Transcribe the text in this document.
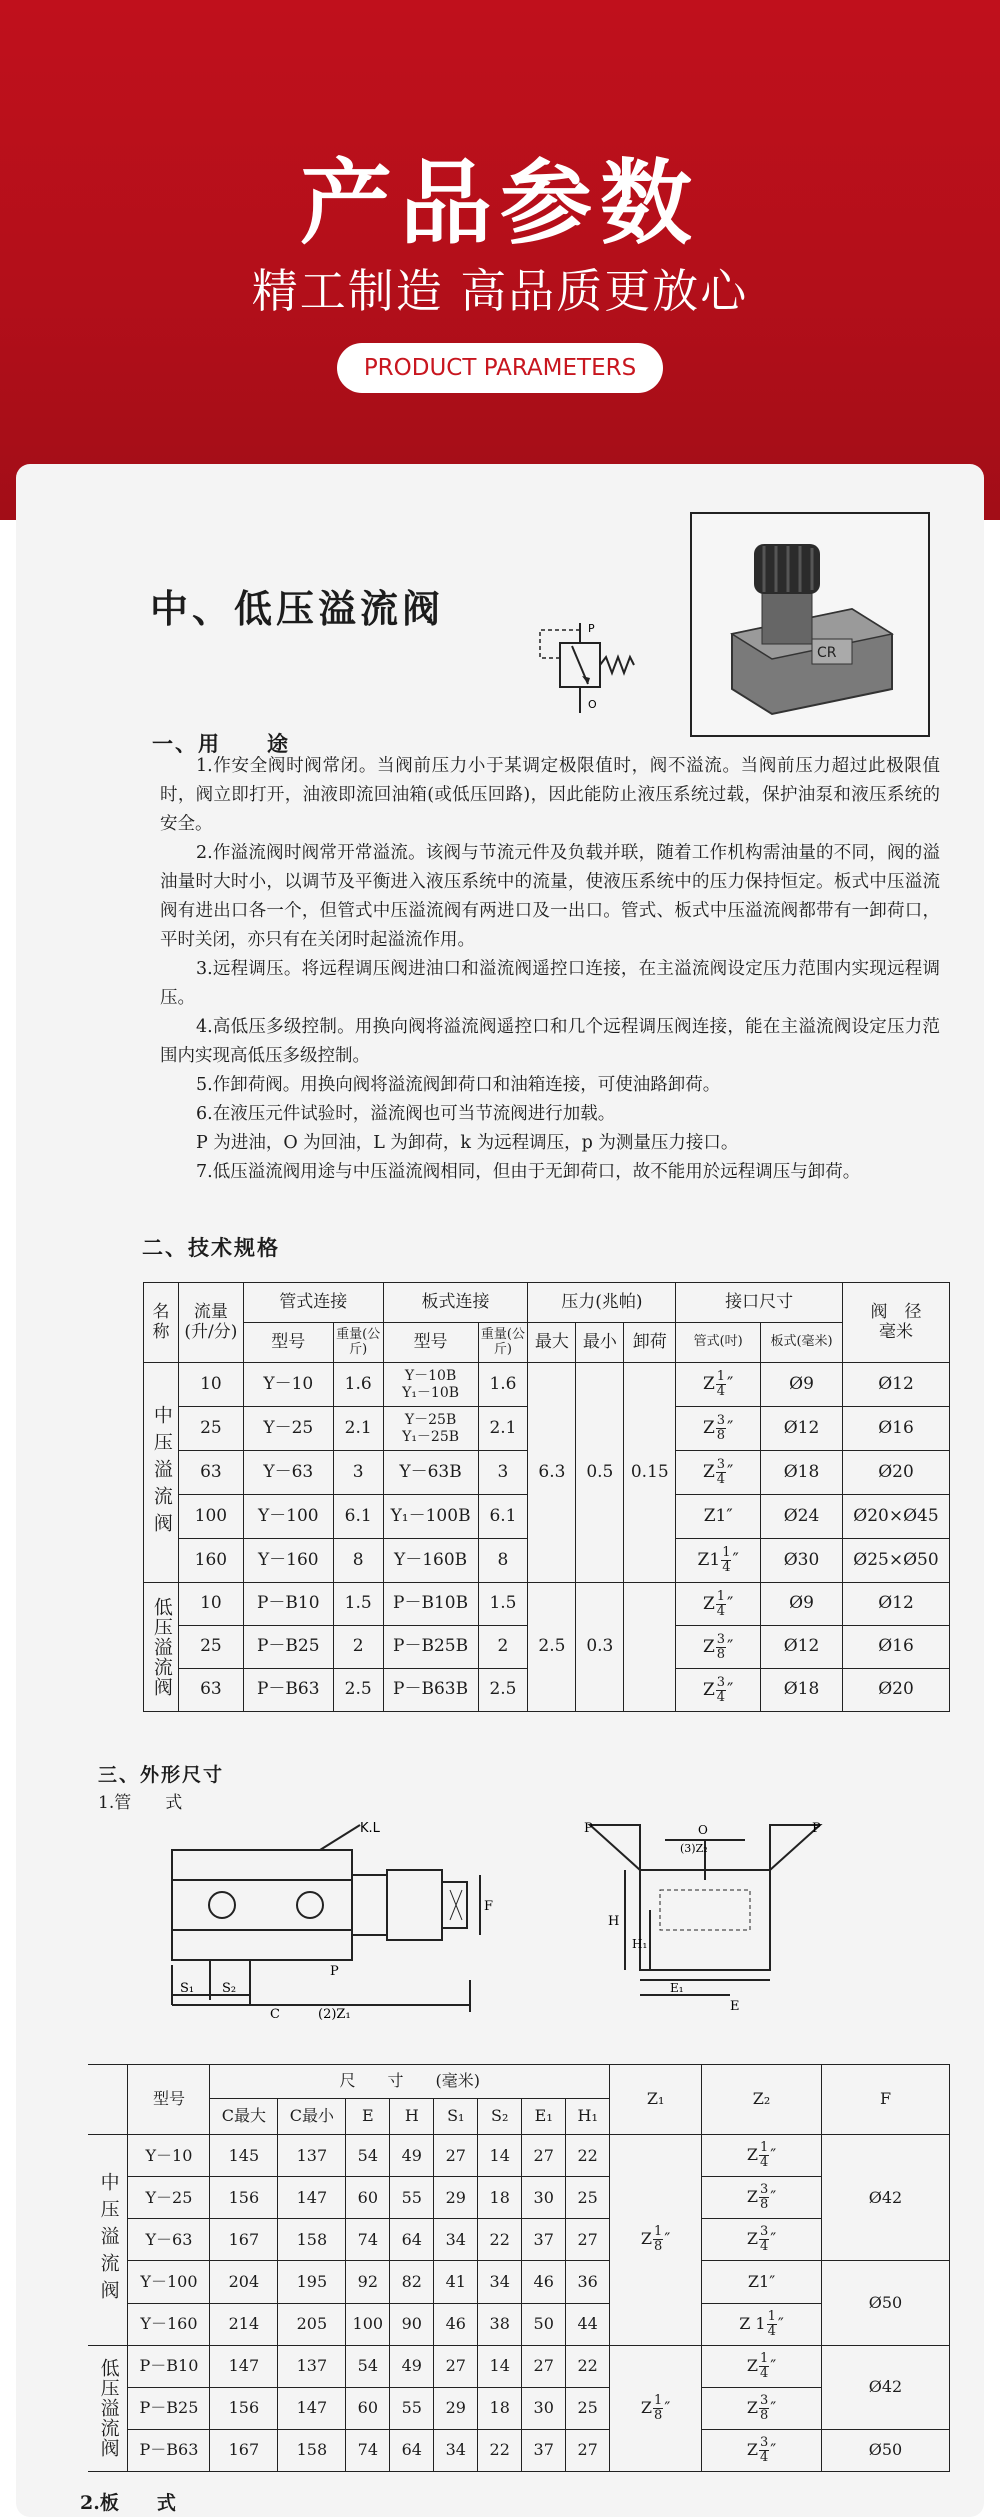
产品参数
精工制造 高品质更放心
PRODUCT PARAMETERS
中、低压溢流阀	P
O
CR
一、用　　途

1.作安全阀时阀常闭。当阀前压力小于某调定极限值时，阀不溢流。当阀前压力超过此极限值时，阀立即打开，油液即流回油箱(或低压回路)，因此能防止液压系统过载，保护油泵和液压系统的安全。

2.作溢流阀时阀常开常溢流。该阀与节流元件及负载并联，随着工作机构需油量的不同，阀的溢油量时大时小，以调节及平衡进入液压系统中的流量，使液压系统中的压力保持恒定。板式中压溢流阀有进出口各一个，但管式中压溢流阀有两进口及一出口。管式、板式中压溢流阀都带有一卸荷口，平时关闭，亦只有在关闭时起溢流作用。

3.远程调压。将远程调压阀进油口和溢流阀遥控口连接，在主溢流阀设定压力范围内实现远程调压。

4.高低压多级控制。用换向阀将溢流阀遥控口和几个远程调压阀连接，能在主溢流阀设定压力范围内实现高低压多级控制。

5.作卸荷阀。用换向阀将溢流阀卸荷口和油箱连接，可使油路卸荷。

6.在液压元件试验时，溢流阀也可当节流阀进行加载。

P 为进油，O 为回油，L 为卸荷，k 为远程调压，p 为测量压力接口。

7.低压溢流阀用途与中压溢流阀相同，但由于无卸荷口，故不能用於远程调压与卸荷。

二、技术规格
名称	流量
(升/分)	管式连接		板式连接		压力(兆帕)			接口尺寸		阀　径
毫米
		型号	重量(公斤)	型号	重量(公斤)	最大	最小	卸荷	管式(吋)	板式(毫米)	

中压溢流阀	10	Y－10	1.6	Y－10B
Y₁－10B	1.6	6.3	0.5	0.15	Z $\frac{1}{4}$ ″	Ø9	Ø12
	25	Y－25	2.1	Y－25B
Y₁－25B	2.1				Z $\frac{3}{8}$ ″	Ø12	Ø16
	63	Y－63	3	Y－63B	3				Z $\frac{3}{4}$ ″	Ø18	Ø20
	100	Y－100	6.1	Y₁－100B	6.1				Z1″	Ø24	Ø20×Ø45
	160	Y－160	8	Y－160B	8				$Z1 \frac{1}{4}$ ″	Ø30	Ø25×Ø50

低压溢流阀	10	P－B10	1.5	P－B10B	1.5	2.5	0.3		Z $\frac{1}{4}$ ″	Ø9	Ø12
	25	P－B25	2	P－B25B	2				Z $\frac{3}{8}$ ″	Ø12	Ø16
	63	P－B63	2.5	P－B63B	2.5				Z $\frac{3}{4}$ ″	Ø18	Ø20
三、外形尺寸
1.管　　式
K.L
S₁ S₂
C	(2)Z₁
P
F
P	P
O
(3)Z₂
H
H₁
E₁
E
	型号	尺　　寸　　(毫米)								Z₁	Z₂	F
		C最大	C最小	E	H	S₁	S₂	E₁	H₁			

中压溢流阀	Y－10	145	137	54	49	27	14	27	22	Z $\frac{1}{8}$ ″	Z $\frac{1}{4}$ ″	Ø42
	Y－25	156	147	60	55	29	18	30	25		Z $\frac{3}{8}$ ″	
	Y－63	167	158	74	64	34	22	37	27		Z $\frac{3}{4}$ ″	
	Y－100	204	195	92	82	41	34	46	36		Z1″	Ø50
	Y－160	214	205	100	90	46	38	50	44		Z $1 \frac{1}{4}$ ″	

低压溢流阀	P－B10	147	137	54	49	27	14	27	22	Z $\frac{1}{8}$ ″	Z $\frac{1}{4}$ ″	Ø42
	P－B25	156	147	60	55	29	18	30	25		Z $\frac{3}{8}$ ″	
	P－B63	167	158	74	64	34	22	37	27		Z $\frac{3}{4}$ ″	Ø50
2.板　　式
